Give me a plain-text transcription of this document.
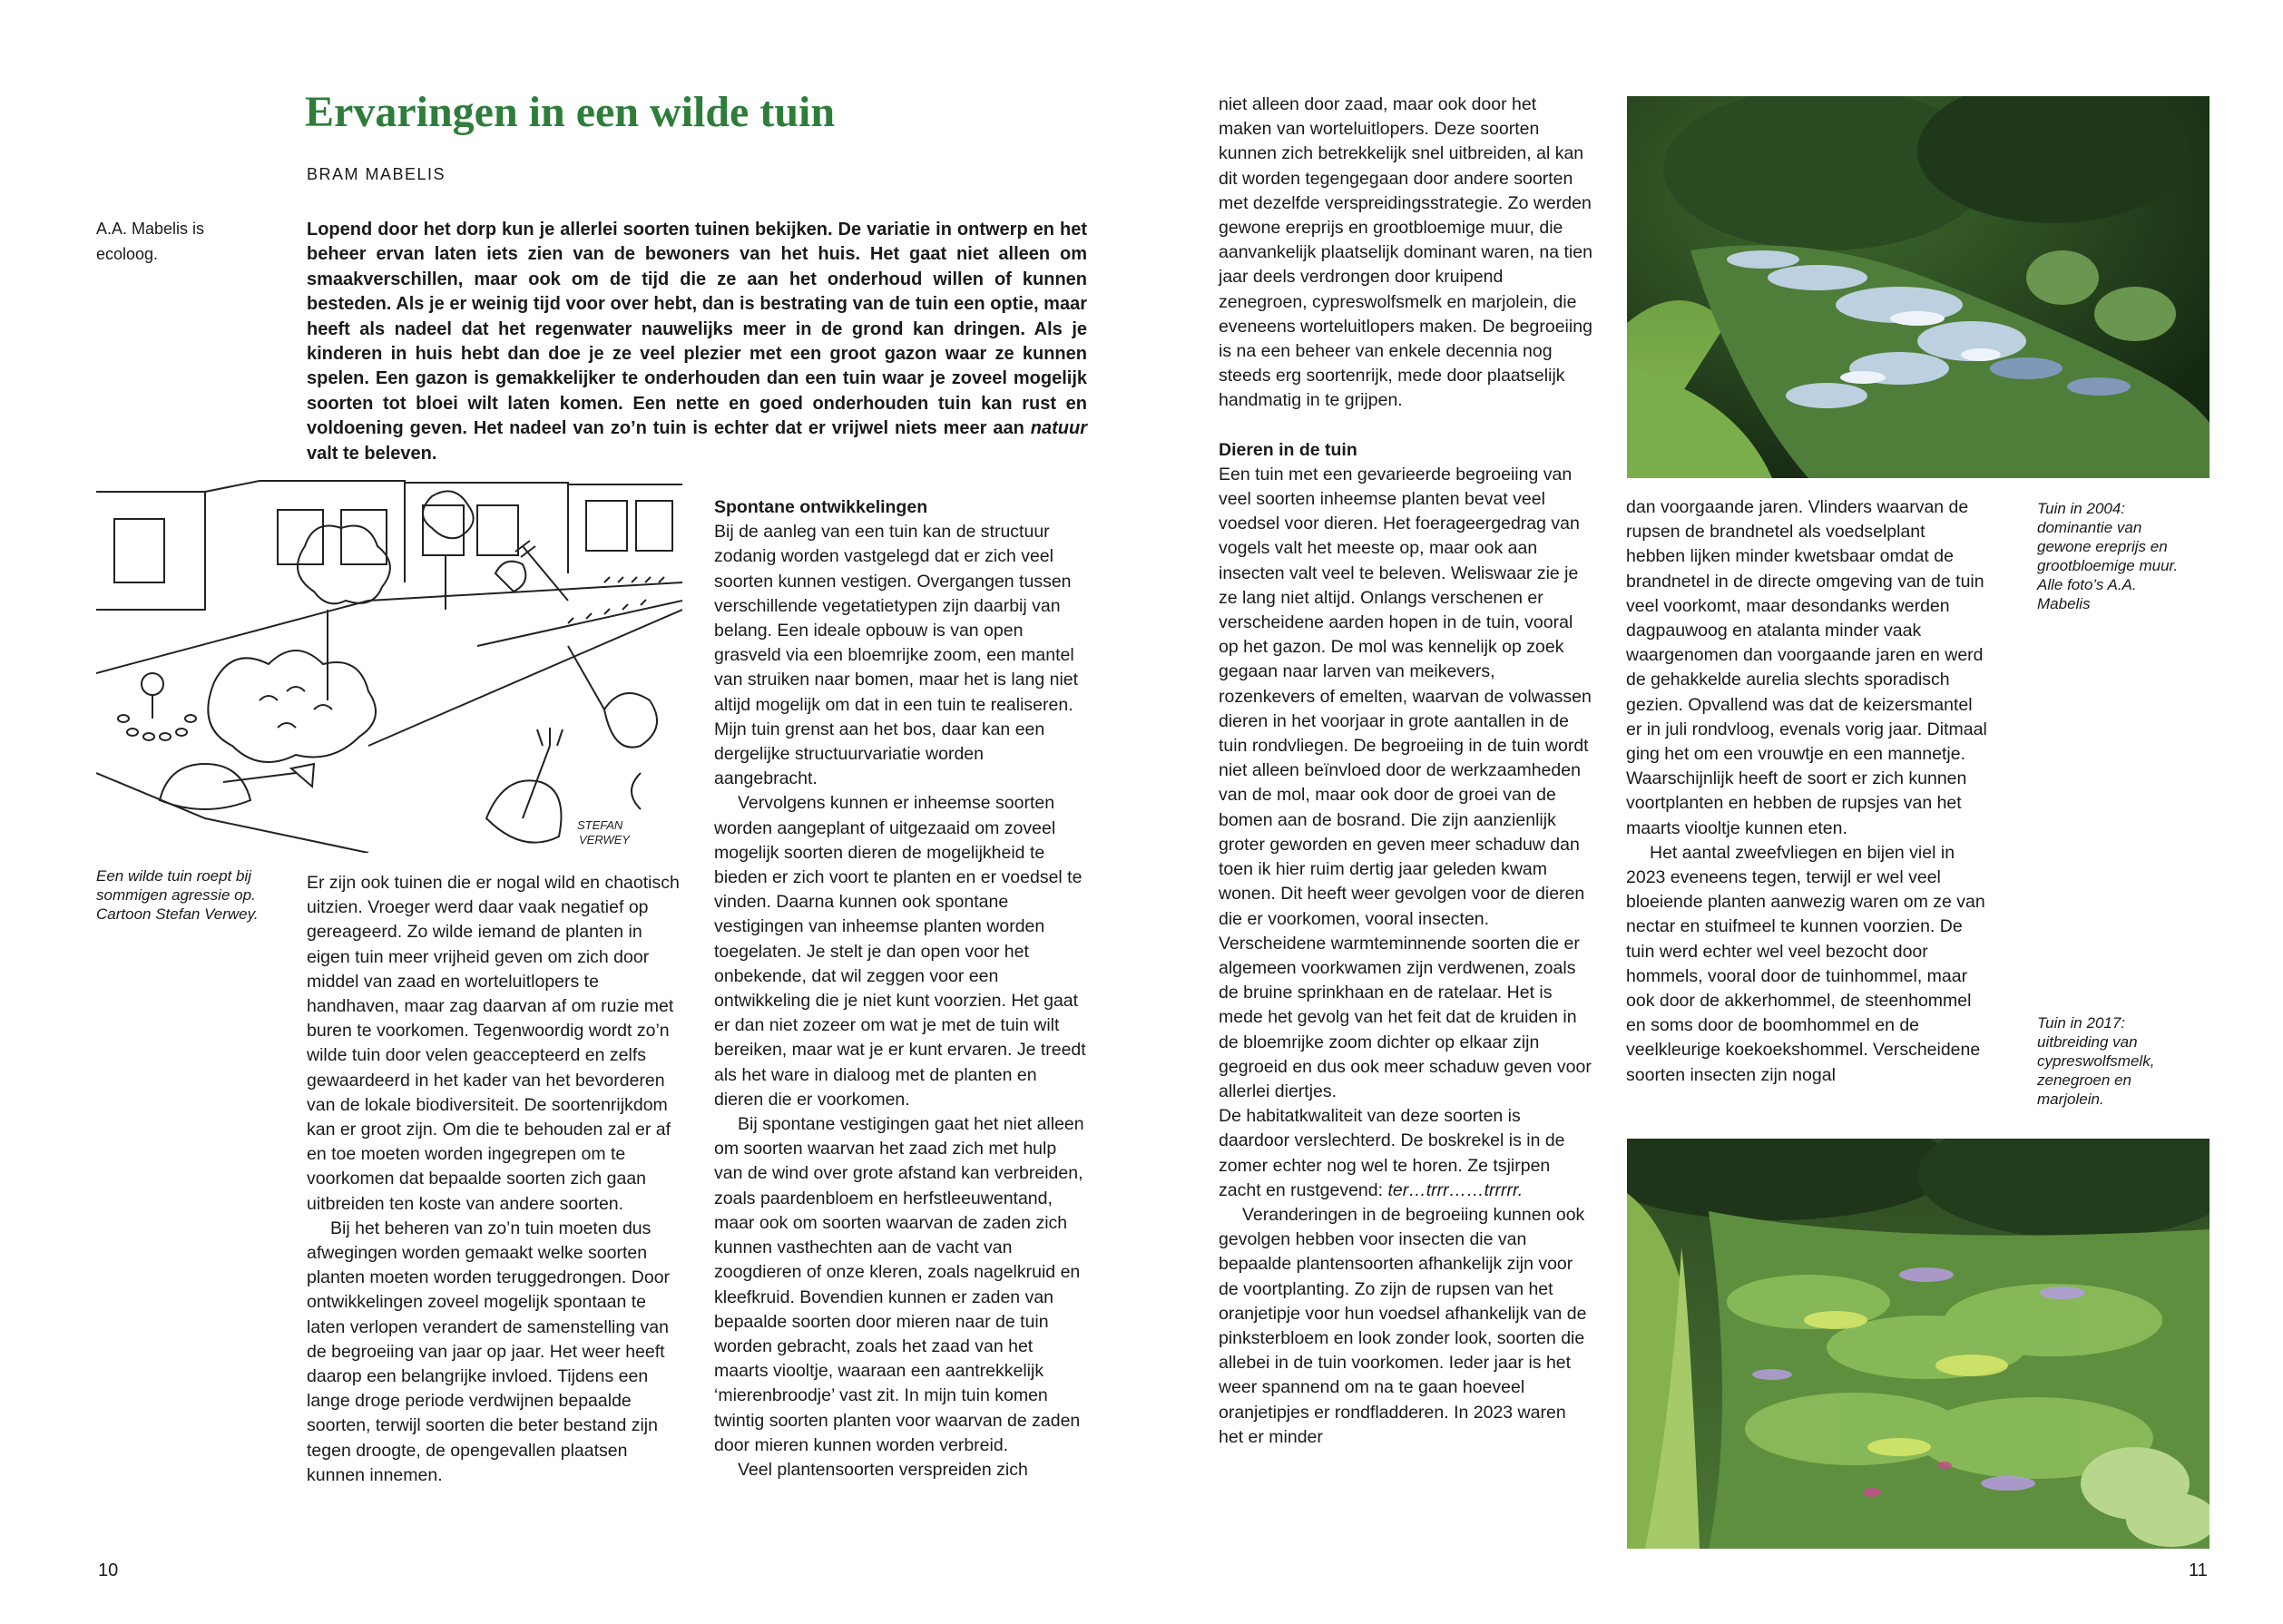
Ervaringen in een wilde tuin
BRAM MABELIS
A.A. Mabelis is ecoloog.

Lopend door het dorp kun je allerlei soorten tuinen bekijken. De variatie in ontwerp en het beheer ervan laten iets zien van de bewoners van het huis. Het gaat niet alleen om smaakverschillen, maar ook om de tijd die ze aan het onderhoud willen of kunnen besteden. Als je er weinig tijd voor over hebt, dan is bestrating van de tuin een optie, maar heeft als nadeel dat het regenwater nauwelijks meer in de grond kan dringen. Als je kinderen in huis hebt dan doe je ze veel plezier met een groot gazon waar ze kunnen spelen. Een gazon is gemakkelijker te onderhouden dan een tuin waar je zoveel mogelijk soorten tot bloei wilt laten komen. Een nette en goed onderhouden tuin kan rust en voldoening geven. Het nadeel van zo’n tuin is echter dat er vrijwel niets meer aan natuur valt te beleven.

STEFAN
VERWEY
Een wilde tuin roept bij sommigen agressie op. Cartoon Stefan Verwey.

Er zijn ook tuinen die er nogal wild en chaotisch uitzien. Vroeger werd daar vaak negatief op gereageerd. Zo wilde iemand de planten in eigen tuin meer vrijheid geven om zich door middel van zaad en worteluitlopers te handhaven, maar zag daarvan af om ruzie met buren te voorkomen. Tegenwoordig wordt zo’n wilde tuin door velen geaccepteerd en zelfs gewaardeerd in het kader van het bevorderen van de lokale biodiversiteit. De soortenrijkdom kan er groot zijn. Om die te behouden zal er af en toe moeten worden ingegrepen om te voorkomen dat bepaalde soorten zich gaan uitbreiden ten koste van andere soorten.

Bij het beheren van zo’n tuin moeten dus afwegingen worden gemaakt welke soorten planten moeten worden teruggedrongen. Door ontwikkelingen zoveel mogelijk spontaan te laten verlopen verandert de samenstelling van de begroeiing van jaar op jaar. Het weer heeft daarop een belangrijke invloed. Tijdens een lange droge periode verdwijnen bepaalde soorten, terwijl soorten die beter bestand zijn tegen droogte, de opengevallen plaatsen kunnen innemen.

Spontane ontwikkelingen

Bij de aanleg van een tuin kan de structuur zodanig worden vastgelegd dat er zich veel soorten kunnen vestigen. Overgangen tussen verschillende vegetatietypen zijn daarbij van belang. Een ideale opbouw is van open grasveld via een bloemrijke zoom, een mantel van struiken naar bomen, maar het is lang niet altijd mogelijk om dat in een tuin te realiseren. Mijn tuin grenst aan het bos, daar kan een dergelijke structuurvariatie worden aangebracht.

Vervolgens kunnen er inheemse soorten worden aangeplant of uitgezaaid om zoveel mogelijk soorten dieren de mogelijkheid te bieden er zich voort te planten en er voedsel te vinden. Daarna kunnen ook spontane vestigingen van inheemse planten worden toegelaten. Je stelt je dan open voor het onbekende, dat wil zeggen voor een ontwikkeling die je niet kunt voorzien. Het gaat er dan niet zozeer om wat je met de tuin wilt bereiken, maar wat je er kunt ervaren. Je treedt als het ware in dialoog met de planten en dieren die er voorkomen.

Bij spontane vestigingen gaat het niet alleen om soorten waarvan het zaad zich met hulp van de wind over grote afstand kan verbreiden, zoals paardenbloem en herfstleeuwentand, maar ook om soorten waarvan de zaden zich kunnen vasthechten aan de vacht van zoogdieren of onze kleren, zoals nagelkruid en kleefkruid. Bovendien kunnen er zaden van bepaalde soorten door mieren naar de tuin worden gebracht, zoals het zaad van het maarts viooltje, waaraan een aantrekkelijk ‘mierenbroodje’ vast zit. In mijn tuin komen twintig soorten planten voor waarvan de zaden door mieren kunnen worden verbreid.

Veel plantensoorten verspreiden zich

niet alleen door zaad, maar ook door het maken van worteluitlopers. Deze soorten kunnen zich betrekkelijk snel uitbreiden, al kan dit worden tegengegaan door andere soorten met dezelfde verspreidingsstrategie. Zo werden gewone ereprijs en grootbloemige muur, die aanvankelijk plaatselijk dominant waren, na tien jaar deels verdrongen door kruipend zenegroen, cypreswolfsmelk en marjolein, die eveneens worteluitlopers maken. De begroeiing is na een beheer van enkele decennia nog steeds erg soortenrijk, mede door plaatselijk handmatig in te grijpen.

Dieren in de tuin

Een tuin met een gevarieerde begroeiing van veel soorten inheemse planten bevat veel voedsel voor dieren. Het foerageergedrag van vogels valt het meeste op, maar ook aan insecten valt veel te beleven. Weliswaar zie je ze lang niet altijd. Onlangs verschenen er verscheidene aarden hopen in de tuin, vooral op het gazon. De mol was kennelijk op zoek gegaan naar larven van meikevers, rozenkevers of emelten, waarvan de volwassen dieren in het voorjaar in grote aantallen in de tuin rondvliegen. De begroeiing in de tuin wordt niet alleen beïnvloed door de werkzaamheden van de mol, maar ook door de groei van de bomen aan de bosrand. Die zijn aanzienlijk groter geworden en geven meer schaduw dan toen ik hier ruim dertig jaar geleden kwam wonen. Dit heeft weer gevolgen voor de dieren die er voorkomen, vooral insecten. Verscheidene warmteminnende soorten die er algemeen voorkwamen zijn verdwenen, zoals de bruine sprinkhaan en de ratelaar. Het is mede het gevolg van het feit dat de kruiden in de bloemrijke zoom dichter op elkaar zijn gegroeid en dus ook meer schaduw geven voor allerlei diertjes.

De habitatkwaliteit van deze soorten is daardoor verslechterd. De boskrekel is in de zomer echter nog wel te horen. Ze tsjirpen zacht en rustgevend: ter…trrr……trrrrr.

Veranderingen in de begroeiing kunnen ook gevolgen hebben voor insecten die van bepaalde plantensoorten afhankelijk zijn voor de voortplanting. Zo zijn de rupsen van het oranjetipje voor hun voedsel afhankelijk van de pinksterbloem en look zonder look, soorten die allebei in de tuin voorkomen. Ieder jaar is het weer spannend om na te gaan hoeveel oranjetipjes er rondfladderen. In 2023 waren het er minder

dan voorgaande jaren. Vlinders waarvan de rupsen de brandnetel als voedselplant hebben lijken minder kwetsbaar omdat de brandnetel in de directe omgeving van de tuin veel voorkomt, maar desondanks werden dagpauwoog en atalanta minder vaak waargenomen dan voorgaande jaren en werd de gehakkelde aurelia slechts sporadisch gezien. Opvallend was dat de keizersmantel er in juli rondvloog, evenals vorig jaar. Ditmaal ging het om een vrouwtje en een mannetje. Waarschijnlijk heeft de soort er zich kunnen voortplanten en hebben de rupsjes van het maarts viooltje kunnen eten.

Het aantal zweefvliegen en bijen viel in 2023 eveneens tegen, terwijl er wel veel bloeiende planten aanwezig waren om ze van nectar en stuifmeel te kunnen voorzien. De tuin werd echter wel veel bezocht door hommels, vooral door de tuinhommel, maar ook door de akkerhommel, de steenhommel en soms door de boomhommel en de veelkleurige koekoekshommel. Verscheidene soorten insecten zijn nogal

Tuin in 2004: dominantie van gewone ereprijs en grootbloemige muur. Alle foto’s A.A. Mabelis
Tuin in 2017: uitbreiding van cypreswolfsmelk, zenegroen en marjolein.
10	11
